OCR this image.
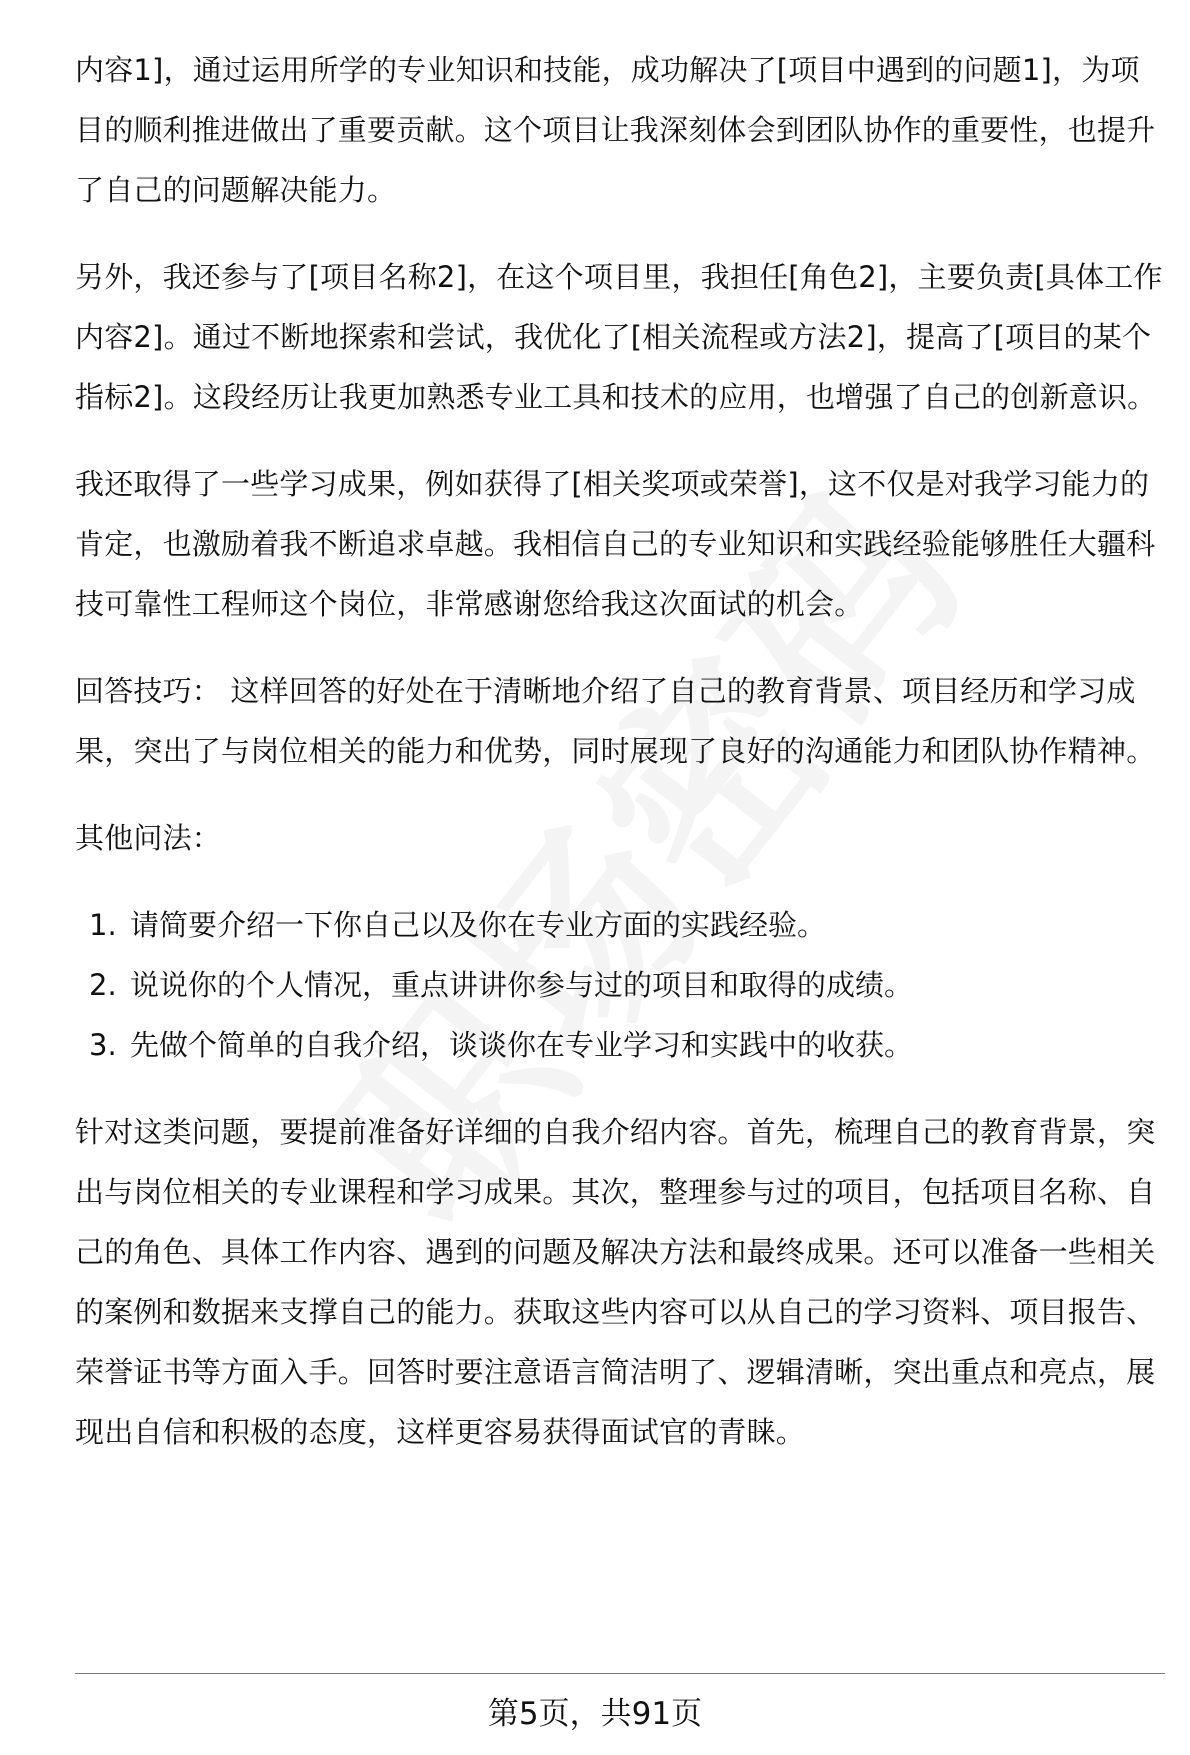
内容1]，通过运用所学的专业知识和技能，成功解决了[项目中遇到的问题1]，为项目的顺利推进做出了重要贡献。这个项目让我深刻体会到团队协作的重要性，也提升了自己的问题解决能力。

另外，我还参与了[项目名称2]，在这个项目里，我担任[角色2]，主要负责[具体工作内容2]。通过不断地探索和尝试，我优化了[相关流程或方法2]，提高了[项目的某个指标2]。这段经历让我更加熟悉专业工具和技术的应用，也增强了自己的创新意识。

我还取得了一些学习成果，例如获得了[相关奖项或荣誉]，这不仅是对我学习能力的肯定，也激励着我不断追求卓越。我相信自己的专业知识和实践经验能够胜任大疆科技可靠性工程师这个岗位，非常感谢您给我这次面试的机会。

回答技巧： 这样回答的好处在于清晰地介绍了自己的教育背景、项目经历和学习成果，突出了与岗位相关的能力和优势，同时展现了良好的沟通能力和团队协作精神。

其他问法：

1. 请简要介绍一下你自己以及你在专业方面的实践经验。
2. 说说你的个人情况，重点讲讲你参与过的项目和取得的成绩。
3. 先做个简单的自我介绍，谈谈你在专业学习和实践中的收获。

针对这类问题，要提前准备好详细的自我介绍内容。首先，梳理自己的教育背景，突出与岗位相关的专业课程和学习成果。其次，整理参与过的项目，包括项目名称、自己的角色、具体工作内容、遇到的问题及解决方法和最终成果。还可以准备一些相关的案例和数据来支撑自己的能力。获取这些内容可以从自己的学习资料、项目报告、荣誉证书等方面入手。回答时要注意语言简洁明了、逻辑清晰，突出重点和亮点，展现出自信和积极的态度，这样更容易获得面试官的青睐。

第5页，共91页
